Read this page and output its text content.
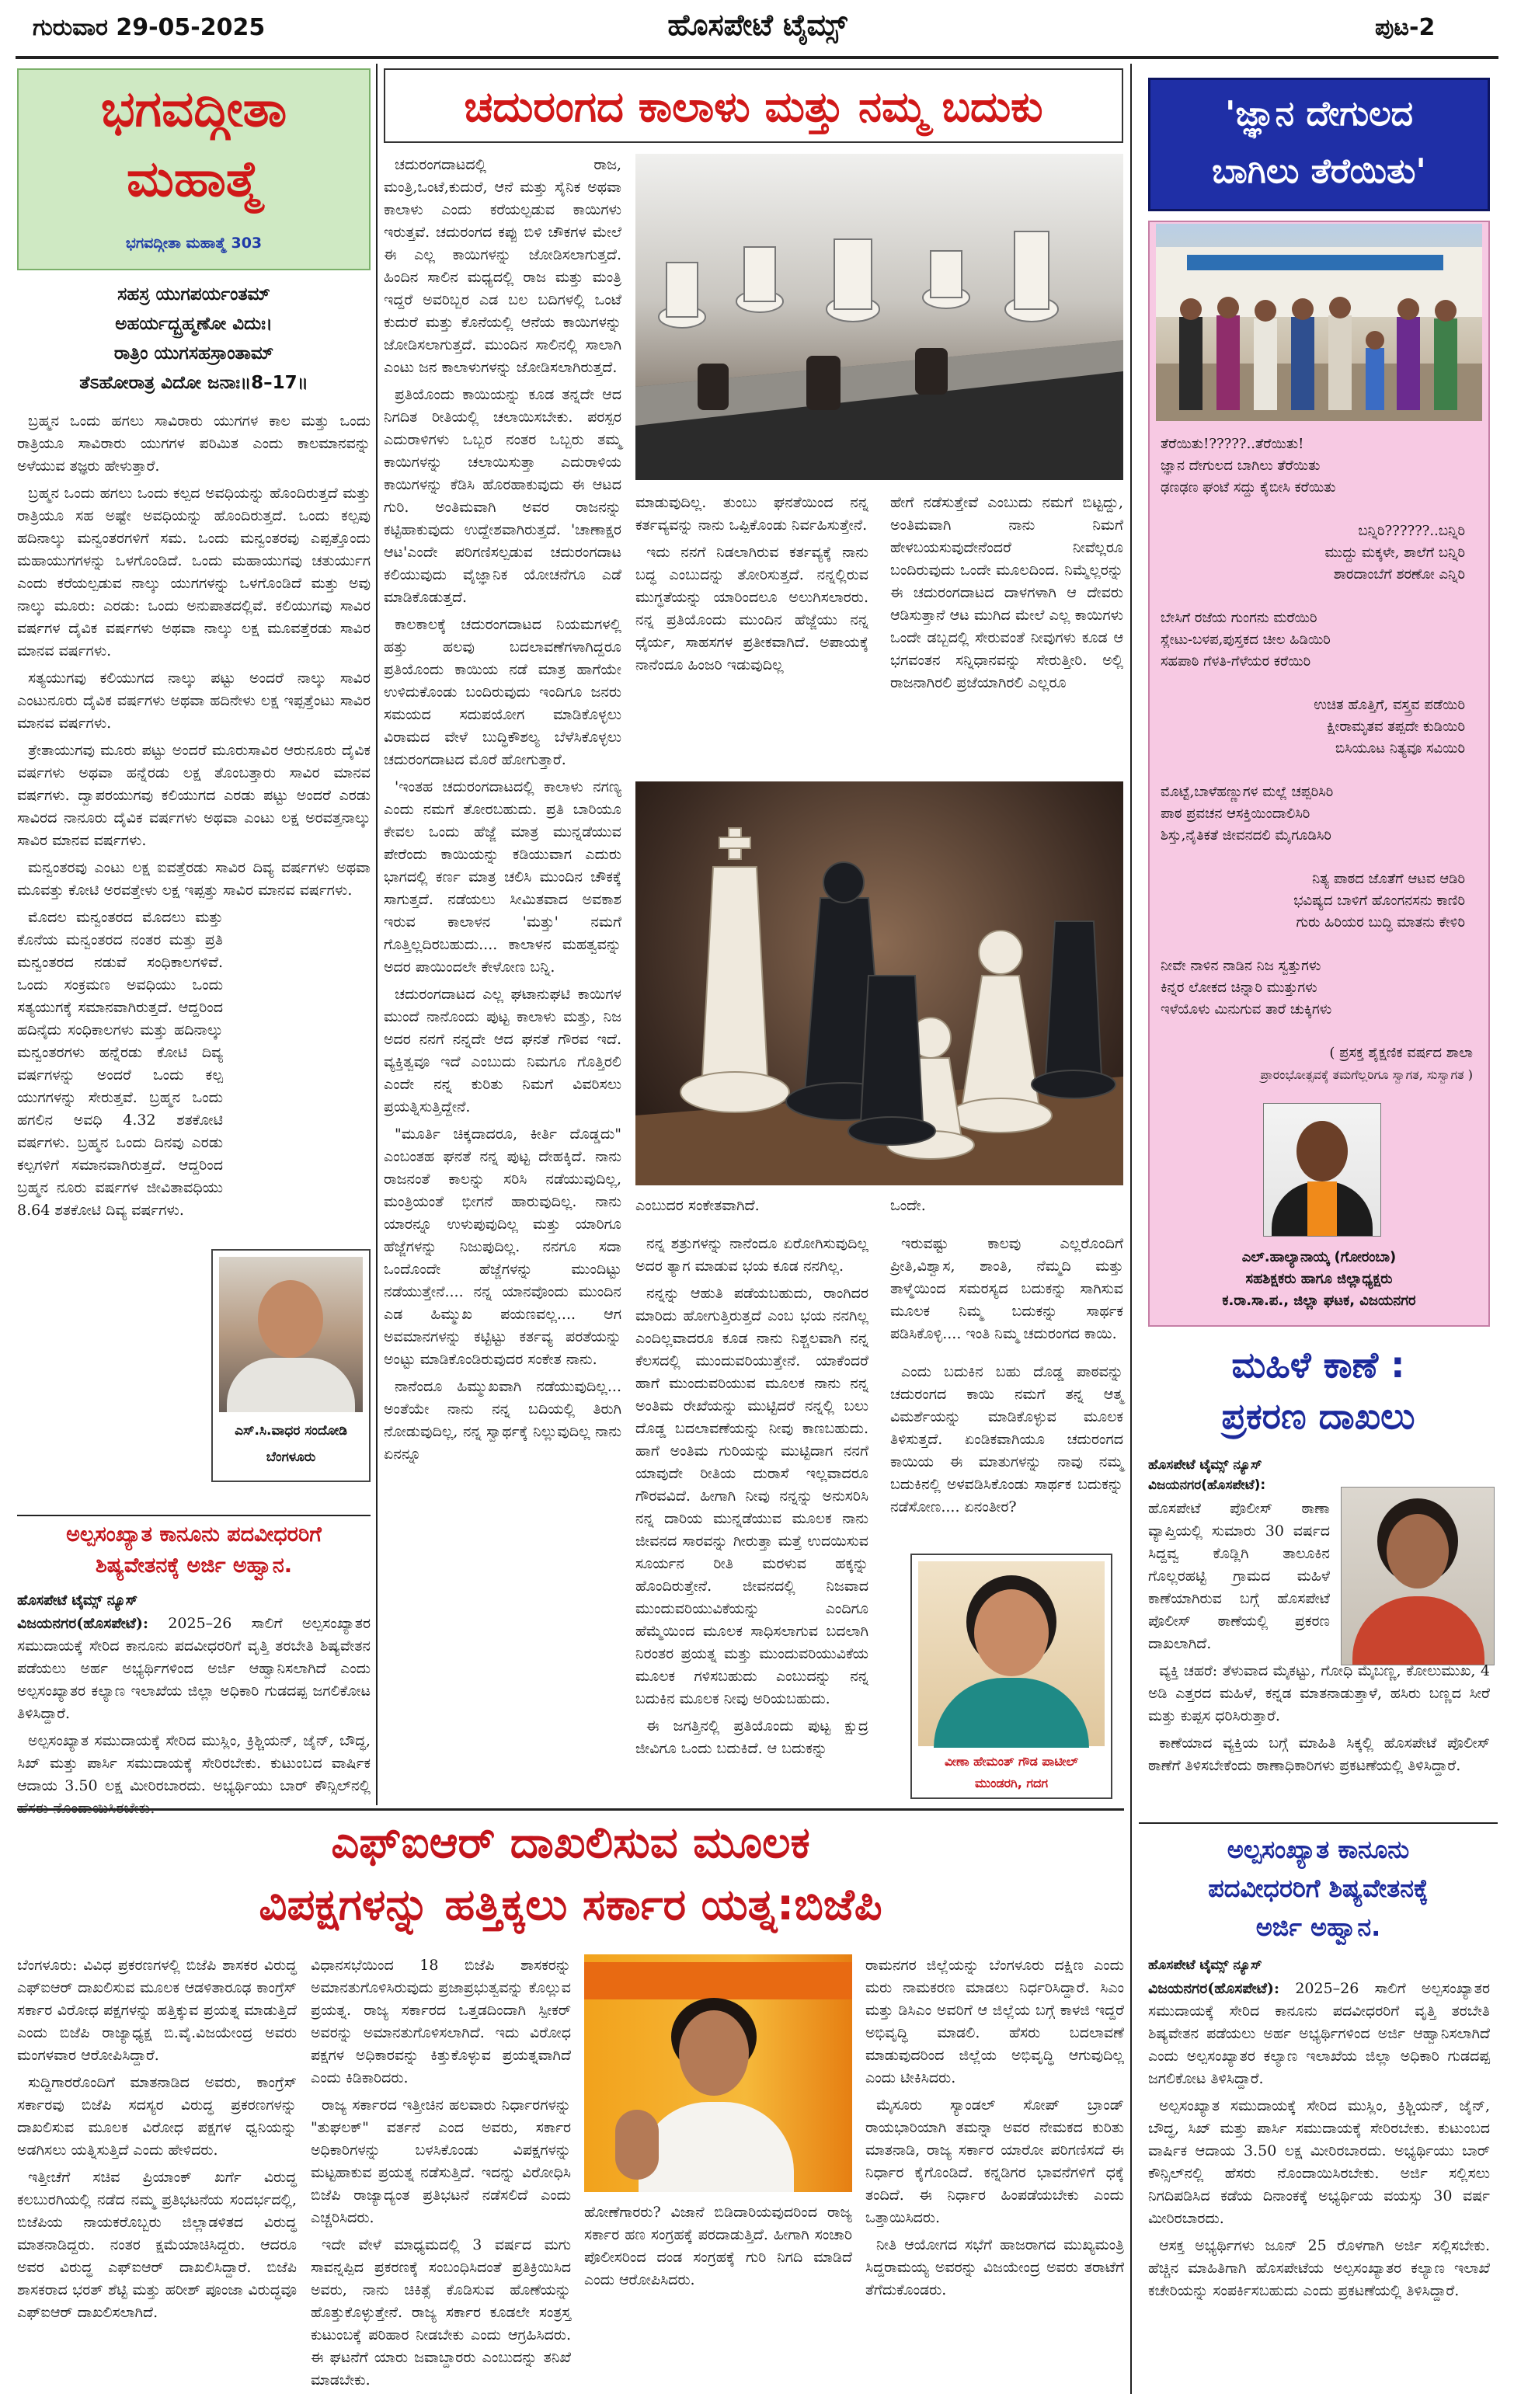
ಗುರುವಾರ 29-05-2025	ಹೊಸಪೇಟೆ ಟೈಮ್ಸ್	ಪುಟ-2
ಭಗವದ್ಗೀತಾ
ಮಹಾತ್ಮೆ
ಭಗವದ್ಗೀತಾ ಮಹಾತ್ಮೆ 303
ಸಹಸ್ರ ಯುಗಪರ್ಯಂತಮ್
ಅಹರ್ಯದ್ಬ್ರಹ್ಮಣೋ ವಿದುಃ।
ರಾತ್ರಿಂ ಯುಗಸಹಸ್ರಾಂತಾಮ್
ತೆಽಹೋರಾತ್ರ ವಿದೋ ಜನಾಃ॥8–17॥

ಬ್ರಹ್ಮನ ಒಂದು ಹಗಲು ಸಾವಿರಾರು ಯುಗಗಳ ಕಾಲ ಮತ್ತು ಒಂದು ರಾತ್ರಿಯೂ ಸಾವಿರಾರು ಯುಗಗಳ ಪರಿಮಿತ ಎಂದು ಕಾಲಮಾನವನ್ನು ಅಳೆಯುವ ತಜ್ಞರು ಹೇಳುತ್ತಾರೆ.

ಬ್ರಹ್ಮನ ಒಂದು ಹಗಲು ಒಂದು ಕಲ್ಪದ ಅವಧಿಯನ್ನು ಹೊಂದಿರುತ್ತದೆ ಮತ್ತು ರಾತ್ರಿಯೂ ಸಹ ಅಷ್ಟೇ ಅವಧಿಯನ್ನು ಹೊಂದಿರುತ್ತದೆ. ಒಂದು ಕಲ್ಪವು ಹದಿನಾಲ್ಕು ಮನ್ವಂತರಗಳಿಗೆ ಸಮ. ಒಂದು ಮನ್ವಂತರವು ಎಪ್ಪತ್ತೊಂದು ಮಹಾಯುಗಗಳನ್ನು ಒಳಗೊಂಡಿದೆ. ಒಂದು ಮಹಾಯುಗವು ಚತುರ್ಯುಗ ಎಂದು ಕರೆಯಲ್ಪಡುವ ನಾಲ್ಕು ಯುಗಗಳನ್ನು ಒಳಗೊಂಡಿದೆ ಮತ್ತು ಅವು ನಾಲ್ಕು ಮೂರು: ಎರಡು: ಒಂದು ಅನುಪಾತದಲ್ಲಿವೆ. ಕಲಿಯುಗವು ಸಾವಿರ ವರ್ಷಗಳ ದೈವಿಕ ವರ್ಷಗಳು ಅಥವಾ ನಾಲ್ಕು ಲಕ್ಷ ಮೂವತ್ತೆರಡು ಸಾವಿರ ಮಾನವ ವರ್ಷಗಳು.

ಸತ್ಯಯುಗವು ಕಲಿಯುಗದ ನಾಲ್ಕು ಪಟ್ಟು ಅಂದರೆ ನಾಲ್ಕು ಸಾವಿರ ಎಂಟುನೂರು ದೈವಿಕ ವರ್ಷಗಳು ಅಥವಾ ಹದಿನೇಳು ಲಕ್ಷ ಇಪ್ಪತ್ತೆಂಟು ಸಾವಿರ ಮಾನವ ವರ್ಷಗಳು.

ತ್ರೇತಾಯುಗವು ಮೂರು ಪಟ್ಟು ಅಂದರೆ ಮೂರುಸಾವಿರ ಆರುನೂರು ದೈವಿಕ ವರ್ಷಗಳು ಅಥವಾ ಹನ್ನೆರಡು ಲಕ್ಷ ತೊಂಬತ್ತಾರು ಸಾವಿರ ಮಾನವ ವರ್ಷಗಳು. ದ್ವಾಪರಯುಗವು ಕಲಿಯುಗದ ಎರಡು ಪಟ್ಟು ಅಂದರೆ ಎರಡು ಸಾವಿರದ ನಾನೂರು ದೈವಿಕ ವರ್ಷಗಳು ಅಥವಾ ಎಂಟು ಲಕ್ಷ ಅರವತ್ತನಾಲ್ಕು ಸಾವಿರ ಮಾನವ ವರ್ಷಗಳು.

ಮನ್ವಂತರವು ಎಂಟು ಲಕ್ಷ ಐವತ್ತೆರಡು ಸಾವಿರ ದಿವ್ಯ ವರ್ಷಗಳು ಅಥವಾ ಮೂವತ್ತು ಕೋಟಿ ಅರವತ್ತೇಳು ಲಕ್ಷ ಇಪ್ಪತ್ತು ಸಾವಿರ ಮಾನವ ವರ್ಷಗಳು.

ಮೊದಲ ಮನ್ವಂತರದ ಮೊದಲು ಮತ್ತು ಕೊನೆಯ ಮನ್ವಂತರದ ನಂತರ ಮತ್ತು ಪ್ರತಿ ಮನ್ವಂತರದ ನಡುವೆ ಸಂಧಿಕಾಲಗಳಿವೆ. ಒಂದು ಸಂಕ್ರಮಣ ಅವಧಿಯು ಒಂದು ಸತ್ಯಯುಗಕ್ಕೆ ಸಮಾನವಾಗಿರುತ್ತದೆ. ಆದ್ದರಿಂದ ಹದಿನೈದು ಸಂಧಿಕಾಲಗಳು ಮತ್ತು ಹದಿನಾಲ್ಕು ಮನ್ವಂತರಗಳು ಹನ್ನೆರಡು ಕೋಟಿ ದಿವ್ಯ ವರ್ಷಗಳನ್ನು ಅಂದರೆ ಒಂದು ಕಲ್ಪ ಯುಗಗಳನ್ನು ಸೇರುತ್ತವೆ. ಬ್ರಹ್ಮನ ಒಂದು ಹಗಲಿನ ಅವಧಿ 4.32 ಶತಕೋಟಿ ವರ್ಷಗಳು. ಬ್ರಹ್ಮನ ಒಂದು ದಿನವು ಎರಡು ಕಲ್ಪಗಳಿಗೆ ಸಮಾನವಾಗಿರುತ್ತದೆ. ಆದ್ದರಿಂದ ಬ್ರಹ್ಮನ ನೂರು ವರ್ಷಗಳ ಜೀವಿತಾವಧಿಯು 8.64 ಶತಕೋಟಿ ದಿವ್ಯ ವರ್ಷಗಳು.

ಎಸ್.ಸಿ.ವಾಧರ ಸಂದೋಡಿ
ಬೆಂಗಳೂರು
ಅಲ್ಪಸಂಖ್ಯಾತ ಕಾನೂನು ಪದವೀಧರರಿಗೆ
ಶಿಷ್ಯವೇತನಕ್ಕೆ ಅರ್ಜಿ ಅಹ್ವಾನ.
ಹೊಸಪೇಟೆ ಟೈಮ್ಸ್ ನ್ಯೂಸ್

ವಿಜಯನಗರ(ಹೊಸಪೇಟೆ): 2025–26 ಸಾಲಿಗೆ ಅಲ್ಪಸಂಖ್ಯಾತರ ಸಮುದಾಯಕ್ಕೆ ಸೇರಿದ ಕಾನೂನು ಪದವೀಧರರಿಗೆ ವೃತ್ತಿ ತರಬೇತಿ ಶಿಷ್ಯವೇತನ ಪಡೆಯಲು ಅರ್ಹ ಅಭ್ಯರ್ಥಿಗಳಿಂದ ಅರ್ಜಿ ಆಹ್ವಾನಿಸಲಾಗಿದೆ ಎಂದು ಅಲ್ಪಸಂಖ್ಯಾತರ ಕಲ್ಯಾಣ ಇಲಾಖೆಯ ಜಿಲ್ಲಾ ಅಧಿಕಾರಿ ಗುಡದಪ್ಪ ಜಗಲಿಕೋಟ ತಿಳಿಸಿದ್ದಾರೆ.

ಅಲ್ಪಸಂಖ್ಯಾತ ಸಮುದಾಯಕ್ಕೆ ಸೇರಿದ ಮುಸ್ಲಿಂ, ಕ್ರಿಶ್ಚಿಯನ್, ಜೈನ್, ಬೌದ್ಧ, ಸಿಖ್ ಮತ್ತು ಪಾರ್ಸಿ ಸಮುದಾಯಕ್ಕೆ ಸೇರಿರಬೇಕು. ಕುಟುಂಬದ ವಾರ್ಷಿಕ ಆದಾಯ 3.50 ಲಕ್ಷ ಮೀರಿರಬಾರದು. ಅಭ್ಯರ್ಥಿಯು ಬಾರ್ ಕೌನ್ಸಿಲ್‌ನಲ್ಲಿ

ಚದುರಂಗದ ಕಾಲಾಳು ಮತ್ತು ನಮ್ಮ ಬದುಕು

ಚದುರಂಗದಾಟದಲ್ಲಿ ರಾಜ, ಮಂತ್ರಿ,ಒಂಟೆ,ಕುದುರೆ, ಆನೆ ಮತ್ತು ಸೈನಿಕ ಅಥವಾ ಕಾಲಾಳು ಎಂದು ಕರೆಯಲ್ಪಡುವ ಕಾಯಿಗಳು ಇರುತ್ತವೆ. ಚದುರಂಗದ ಕಪ್ಪು ಬಿಳಿ ಚೌಕಗಳ ಮೇಲೆ ಈ ಎಲ್ಲ ಕಾಯಿಗಳನ್ನು ಜೋಡಿಸಲಾಗುತ್ತದೆ. ಹಿಂದಿನ ಸಾಲಿನ ಮಧ್ಯದಲ್ಲಿ ರಾಜ ಮತ್ತು ಮಂತ್ರಿ ಇದ್ದರೆ ಅವರಿಬ್ಬರ ಎಡ ಬಲ ಬದಿಗಳಲ್ಲಿ ಒಂಟೆ ಕುದುರೆ ಮತ್ತು ಕೊನೆಯಲ್ಲಿ ಆನೆಯ ಕಾಯಿಗಳನ್ನು ಜೋಡಿಸಲಾಗುತ್ತದೆ. ಮುಂದಿನ ಸಾಲಿನಲ್ಲಿ ಸಾಲಾಗಿ ಎಂಟು ಜನ ಕಾಲಾಳುಗಳನ್ನು ಜೋಡಿಸಲಾಗಿರುತ್ತದೆ.

ಪ್ರತಿಯೊಂದು ಕಾಯಿಯನ್ನು ಕೂಡ ತನ್ನದೇ ಆದ ನಿಗದಿತ ರೀತಿಯಲ್ಲಿ ಚಲಾಯಿಸಬೇಕು. ಪರಸ್ಪರ ಎದುರಾಳಿಗಳು ಒಬ್ಬರ ನಂತರ ಒಬ್ಬರು ತಮ್ಮ ಕಾಯಿಗಳನ್ನು ಚಲಾಯಿಸುತ್ತಾ ಎದುರಾಳಿಯ ಕಾಯಿಗಳನ್ನು ಕೆಡಿಸಿ ಹೊರಹಾಕುವುದು ಈ ಆಟದ ಗುರಿ. ಅಂತಿಮವಾಗಿ ಅವರ ರಾಜನನ್ನು ಕಟ್ಟಿಹಾಕುವುದು ಉದ್ದೇಶವಾಗಿರುತ್ತದೆ. 'ಚಾಣಾಕ್ಷರ ಆಟ'ಎಂದೇ ಪರಿಗಣಿಸಲ್ಪಡುವ ಚದುರಂಗದಾಟ ಕಲಿಯುವುದು ವೈಜ್ಞಾನಿಕ ಯೋಚನೆಗೂ ಎಡೆ ಮಾಡಿಕೊಡುತ್ತದೆ.

ಕಾಲಕಾಲಕ್ಕೆ ಚದುರಂಗದಾಟದ ನಿಯಮಗಳಲ್ಲಿ ಹತ್ತು ಹಲವು ಬದಲಾವಣೆಗಳಾಗಿದ್ದರೂ ಪ್ರತಿಯೊಂದು ಕಾಯಿಯ ನಡೆ ಮಾತ್ರ ಹಾಗೆಯೇ ಉಳಿದುಕೊಂಡು ಬಂದಿರುವುದು ಇಂದಿಗೂ ಜನರು ಸಮಯದ ಸದುಪಯೋಗ ಮಾಡಿಕೊಳ್ಳಲು ವಿರಾಮದ ವೇಳೆ ಬುದ್ಧಿಕೌಶಲ್ಯ ಬೆಳೆಸಿಕೊಳ್ಳಲು ಚದುರಂಗದಾಟದ ಮೊರೆ ಹೋಗುತ್ತಾರೆ.

'ಇಂತಹ ಚದುರಂಗದಾಟದಲ್ಲಿ ಕಾಲಾಳು ನಗಣ್ಯ ಎಂದು ನಮಗೆ ತೋರಬಹುದು. ಪ್ರತಿ ಬಾರಿಯೂ ಕೇವಲ ಒಂದು ಹೆಜ್ಜೆ ಮಾತ್ರ ಮುನ್ನಡೆಯುವ ಪೇರೆಂದು ಕಾಯಿಯನ್ನು ಕಡಿಯುವಾಗ ಎದುರು ಭಾಗದಲ್ಲಿ ಕರ್ಣ ಮಾತ್ರ ಚಲಿಸಿ ಮುಂದಿನ ಚೌಕಕ್ಕೆ ಸಾಗುತ್ತದೆ. ನಡೆಯಲು ಸೀಮಿತವಾದ ಅವಕಾಶ ಇರುವ ಕಾಲಾಳನ 'ಮತ್ತು' ನಮಗೆ ಗೊತ್ತಿಲ್ಲದಿರಬಹುದು.... ಕಾಲಾಳನ ಮಹತ್ವವನ್ನು ಅದರ ಪಾಯಿಂದಲೇ ಕೇಳೋಣ ಬನ್ನಿ.

ಚದುರಂಗದಾಟದ ಎಲ್ಲ ಘಟಾನುಘಟಿ ಕಾಯಿಗಳ ಮುಂದೆ ನಾನೊಂದು ಪುಟ್ಟ ಕಾಲಾಳು ಮತ್ತು, ನಿಜ ಅದರ ನನಗೆ ನನ್ನದೇ ಆದ ಘನತೆ ಗೌರವ ಇದೆ. ವ್ಯಕ್ತಿತ್ವವೂ ಇದೆ ಎಂಬುದು ನಿಮಗೂ ಗೊತ್ತಿರಲಿ ಎಂದೇ ನನ್ನ ಕುರಿತು ನಿಮಗೆ ವಿವರಿಸಲು ಪ್ರಯತ್ನಿಸುತ್ತಿದ್ದೇನೆ.

"ಮೂರ್ತಿ ಚಿಕ್ಕದಾದರೂ, ಕೀರ್ತಿ ದೊಡ್ಡದು" ಎಂಬಂತಹ ಘನತೆ ನನ್ನ ಪುಟ್ಟ ದೇಹಕ್ಕಿದೆ. ನಾನು ರಾಜನಂತೆ ಕಾಲನ್ನು ಸರಿಸಿ ನಡೆಯುವುದಿಲ್ಲ, ಮಂತ್ರಿಯಂತೆ ಭೀಗನೆ ಹಾರುವುದಿಲ್ಲ. ನಾನು ಯಾರನ್ನೂ ಉಳುಪುವುದಿಲ್ಲ ಮತ್ತು ಯಾರಿಗೂ ಹೆಜ್ಜೆಗಳನ್ನು ನಿಜುಪುದಿಲ್ಲ. ನನಗೂ ಸದಾ ಒಂದೊಂದೇ ಹೆಜ್ಜೆಗಳನ್ನು ಮುಂದಿಟ್ಟು ನಡೆಯುತ್ತೇನೆ.... ನನ್ನ ಯಾನವೊಂದು ಮುಂದಿನ ಎಡ ಹಿಮ್ಮುಖ ಪಯಣವಲ್ಲ.... ಆಗ ಅವಮಾನಗಳನ್ನು ಕಟ್ಟಿಟ್ಟು ಕರ್ತವ್ಯ ಪರತೆಯನ್ನು ಅಂಟ್ಟು ಮಾಡಿಕೊಂಡಿರುವುದರ ಸಂಕೇತ ನಾನು.

ನಾನೆಂದೂ ಹಿಮ್ಮುಖವಾಗಿ ನಡೆಯುವುದಿಲ್ಲ... ಅಂತೆಯೇ ನಾನು ನನ್ನ ಬದಿಯಲ್ಲಿ ತಿರುಗಿ ನೋಡುವುದಿಲ್ಲ, ನನ್ನ ಸ್ವಾರ್ಥಕ್ಕೆ ನಿಲ್ಲುವುದಿಲ್ಲ ನಾನು ಏನನ್ನೂ

ಮಾಡುವುದಿಲ್ಲ. ತುಂಬು ಘನತೆಯಿಂದ ನನ್ನ ಕರ್ತವ್ಯವನ್ನು ನಾನು ಒಪ್ಪಿಕೊಂಡು ನಿರ್ವಹಿಸುತ್ತೇನೆ.

ಇದು ನನಗೆ ನಿಡಲಾಗಿರುವ ಕರ್ತವ್ಯಕ್ಕೆ ನಾನು ಬದ್ಧ ಎಂಬುದನ್ನು ತೋರಿಸುತ್ತದೆ. ನನ್ನಲ್ಲಿರುವ ಮುಗ್ಧತೆಯನ್ನು ಯಾರಿಂದಲೂ ಅಲುಗಿಸಲಾರರು. ನನ್ನ ಪ್ರತಿಯೊಂದು ಮುಂದಿನ ಹೆಜ್ಜೆಯು ನನ್ನ ಧೈರ್ಯ, ಸಾಹಸಗಳ ಪ್ರತೀಕವಾಗಿದೆ. ಅಪಾಯಕ್ಕೆ ನಾನೆಂದೂ ಹಿಂಜರಿ ಇಡುವುದಿಲ್ಲ

ಹೇಗೆ ನಡೆಸುತ್ತೇವೆ ಎಂಬುದು ನಮಗೆ ಬಿಟ್ಟದ್ದು, ಅಂತಿಮವಾಗಿ ನಾನು ನಿಮಗೆ ಹೇಳಬಯಸುವುದೇನೆಂದರೆ ನೀವೆಲ್ಲರೂ ಬಂದಿರುವುದು ಒಂದೇ ಮೂಲದಿಂದ. ನಿಮ್ಮೆಲ್ಲರನ್ನು ಈ ಚದುರಂಗದಾಟದ ದಾಳಗಳಾಗಿ ಆ ದೇವರು ಆಡಿಸುತ್ತಾನೆ ಆಟ ಮುಗಿದ ಮೇಲೆ ಎಲ್ಲ ಕಾಯಿಗಳು ಒಂದೇ ಡಬ್ಬದಲ್ಲಿ ಸೇರುವಂತೆ ನೀವುಗಳು ಕೂಡ ಆ ಭಗವಂತನ ಸನ್ನಿಧಾನವನ್ನು ಸೇರುತ್ತೀರಿ. ಅಲ್ಲಿ ರಾಜನಾಗಿರಲಿ ಪ್ರಜೆಯಾಗಿರಲಿ ಎಲ್ಲರೂ

ಎಂಬುದರ ಸಂಕೇತವಾಗಿದೆ.

ನನ್ನ ಶತ್ರುಗಳನ್ನು ನಾನೆಂದೂ ಏರೋಗಿಸುವುದಿಲ್ಲ ಅದರ ತ್ಯಾಗ ಮಾಡುವ ಭಯ ಕೂಡ ನನಗಿಲ್ಲ.

ನನ್ನನ್ನು ಆಹುತಿ ಪಡೆಯಬಹುದು, ರಾಂಗಿದರ ಮಾರಿದು ಹೋಗುತ್ತಿರುತ್ತದೆ ಎಂಬ ಭಯ ನನಗಿಲ್ಲ ಎಂದಿಲ್ಲವಾದರೂ ಕೂಡ ನಾನು ನಿಶ್ಚಲವಾಗಿ ನನ್ನ ಕೆಲಸದಲ್ಲಿ ಮುಂದುವರಿಯುತ್ತೇನೆ. ಯಾಕೆಂದರೆ ಹಾಗೆ ಮುಂದುವರಿಯುವ ಮೂಲಕ ನಾನು ನನ್ನ ಅಂತಿಮ ರೇಖೆಯನ್ನು ಮುಟ್ಟಿದರೆ ನನ್ನಲ್ಲಿ ಬಲು ದೊಡ್ಡ ಬದಲಾವಣೆಯನ್ನು ನೀವು ಕಾಣಬಹುದು. ಹಾಗೆ ಅಂತಿಮ ಗುರಿಯನ್ನು ಮುಟ್ಟಿದಾಗ ನನಗೆ ಯಾವುದೇ ರೀತಿಯ ದುರಾಸೆ ಇಲ್ಲವಾದರೂ ಗೌರವವಿದೆ. ಹೀಗಾಗಿ ನೀವು ನನ್ನನ್ನು ಅನುಸರಿಸಿ ನನ್ನ ದಾರಿಯ ಮುನ್ನಡೆಯುವ ಮೂಲಕ ನಾನು ಜೀವನದ ಸಾರವನ್ನು ಗೀರುತ್ತಾ ಮತ್ತೆ ಉದಯಿಸುವ ಸೂರ್ಯನ ರೀತಿ ಮರಳುವ ಹಕ್ಕನ್ನು ಹೊಂದಿರುತ್ತೇನೆ. ಜೀವನದಲ್ಲಿ ನಿಜವಾದ ಮುಂದುವರಿಯುವಿಕೆಯನ್ನು ಎಂದಿಗೂ ಹೆಮ್ಮೆಯಿಂದ ಮೂಲಕ ಸಾಧಿಸಲಾಗುವ ಬದಲಾಗಿ ನಿರಂತರ ಪ್ರಯತ್ನ ಮತ್ತು ಮುಂದುವರಿಯುವಿಕೆಯ ಮೂಲಕ ಗಳಿಸಬಹುದು ಎಂಬುದನ್ನು ನನ್ನ ಬದುಕಿನ ಮೂಲಕ ನೀವು ಅರಿಯಬಹುದು.

ಈ ಜಗತ್ತಿನಲ್ಲಿ ಪ್ರತಿಯೊಂದು ಪುಟ್ಟ ಕ್ಷುದ್ರ ಜೀವಿಗೂ ಒಂದು ಬದುಕಿದೆ. ಆ ಬದುಕನ್ನು

ಒಂದೇ.

ಇರುವಷ್ಟು ಕಾಲವು ಎಲ್ಲರೊಂದಿಗೆ ಪ್ರೀತಿ,ವಿಶ್ವಾಸ, ಶಾಂತಿ, ನೆಮ್ಮದಿ ಮತ್ತು ತಾಳ್ಮೆಯಿಂದ ಸಮರಸ್ಯದ ಬದುಕನ್ನು ಸಾಗಿಸುವ ಮೂಲಕ ನಿಮ್ಮ ಬದುಕನ್ನು ಸಾರ್ಥಕ ಪಡಿಸಿಕೊಳ್ಳಿ.... ಇಂತಿ ನಿಮ್ಮ ಚದುರಂಗದ ಕಾಯಿ.

ಎಂದು ಬದುಕಿನ ಬಹು ದೊಡ್ಡ ಪಾಠವನ್ನು ಚದುರಂಗದ ಕಾಯಿ ನಮಗೆ ತನ್ನ ಆತ್ಮ ವಿಮರ್ಶೆಯನ್ನು ಮಾಡಿಕೊಳ್ಳುವ ಮೂಲಕ ತಿಳಿಸುತ್ತದೆ. ಏಂಡಿಕವಾಗಿಯೂ ಚದುರಂಗದ ಕಾಯಿಯ ಈ ಮಾತುಗಳನ್ನು ನಾವು ನಮ್ಮ ಬದುಕಿನಲ್ಲಿ ಅಳವಡಿಸಿಕೊಂಡು ಸಾರ್ಥಕ ಬದುಕನ್ನು ನಡೆಸೋಣ.... ಏನಂತೀರ?

ವೀಣಾ ಹೇಮಂತ್ ಗೌಡ ಪಾಟೀಲ್
ಮುಂಡರಗಿ, ಗದಗ
'ಜ್ಞಾನ ದೇಗುಲದ
ಬಾಗಿಲು ತೆರೆಯಿತು'

ತೆರೆಯಿತು!?????..ತೆರೆಯಿತು!

ಜ್ಞಾನ ದೇಗುಲದ ಬಾಗಿಲು ತೆರೆಯಿತು

ಢಣಢಣ ಘಂಟೆ ಸದ್ದು ಕೈಬೀಸಿ ಕರೆಯಿತು

ಬನ್ನಿರಿ??????..ಬನ್ನಿರಿ

ಮುದ್ದು ಮಕ್ಕಳೇ, ಶಾಲೆಗೆ ಬನ್ನಿರಿ

ಶಾರದಾಂಬೆಗೆ ಶರಣೋ ಎನ್ನಿರಿ

ಬೇಸಿಗೆ ರಜೆಯ ಗುಂಗನು ಮರೆಯಿರಿ

ಸ್ಲೇಟು-ಬಳಪ,ಪುಸ್ತಕದ ಚೀಲ ಹಿಡಿಯಿರಿ

ಸಹಪಾಠಿ ಗೆಳತಿ-ಗೆಳೆಯರ ಕರೆಯಿರಿ

ಉಚಿತ ಹೊತ್ತಿಗೆ, ವಸ್ತ್ರವ ಪಡೆಯಿರಿ

ಕ್ಷೀರಾಮೃತವ ತಪ್ಪದೇ ಕುಡಿಯಿರಿ

ಬಿಸಿಯೂಟ ನಿತ್ಯವೂ ಸವಿಯಿರಿ

ಮೊಟ್ಟೆ,ಬಾಳೆಹಣ್ಣುಗಳ ಮಲ್ಲೆ ಚಪ್ಪರಿಸಿರಿ

ಪಾಠ ಪ್ರವಚನ ಆಸಕ್ತಿಯಿಂದಾಲಿಸಿರಿ

ಶಿಸ್ತು,ನೈತಿಕತೆ ಜೀವನದಲಿ ಮೈಗೂಡಿಸಿರಿ

ನಿತ್ಯ ಪಾಠದ ಜೊತೆಗೆ ಆಟವ ಆಡಿರಿ

ಭವಿಷ್ಯದ ಬಾಳಿಗೆ ಹೊಂಗನಸನು ಕಾಣಿರಿ

ಗುರು ಹಿರಿಯರ ಬುದ್ಧಿ ಮಾತನು ಕೇಳಿರಿ

ನೀವೇ ನಾಳಿನ ನಾಡಿನ ನಿಜ ಸ್ವತ್ತುಗಳು

ಕಿನ್ನರ ಲೋಕದ ಚಿನ್ನಾರಿ ಮುತ್ತುಗಳು

ಇಳೆಯೊಳು ಮಿನುಗುವ ತಾರೆ ಚುಕ್ಕಿಗಳು

( ಪ್ರಸಕ್ತ ಶೈಕ್ಷಣಿಕ ವರ್ಷದ ಶಾಲಾ

ಪ್ರಾರಂಭೋತ್ಸವಕ್ಕೆ ತಮಗೆಲ್ಲರಿಗೂ ಸ್ವಾಗತ, ಸುಸ್ವಾಗತ )

ಎಲ್.ಹಾಲ್ಯಾನಾಯ್ಕ (ಗೋರಂಬಾ)
ಸಹಶಿಕ್ಷಕರು ಹಾಗೂ ಜಿಲ್ಲಾಧ್ಯಕ್ಷರು
ಕ.ರಾ.ಸಾ.ಪ., ಜಿಲ್ಲಾ ಘಟಕ, ವಿಜಯನಗರ
ಮಹಿಳೆ ಕಾಣೆ :
ಪ್ರಕರಣ ದಾಖಲು
ಹೊಸಪೇಟೆ ಟೈಮ್ಸ್ ನ್ಯೂಸ್
ವಿಜಯನಗರ(ಹೊಸಪೇಟೆ):

ಹೊಸಪೇಟೆ ಪೊಲೀಸ್ ಠಾಣಾ ವ್ಯಾಪ್ತಿಯಲ್ಲಿ ಸುಮಾರು 30 ವರ್ಷದ ಸಿದ್ದವ್ವ ಕೊಡ್ಲಿಗಿ ತಾಲೂಕಿನ ಗೊಲ್ಲರಹಟ್ಟಿ ಗ್ರಾಮದ ಮಹಿಳೆ ಕಾಣೆಯಾಗಿರುವ ಬಗ್ಗೆ ಹೊಸಪೇಟೆ ಪೊಲೀಸ್ ಠಾಣೆಯಲ್ಲಿ ಪ್ರಕರಣ ದಾಖಲಾಗಿದೆ.

ವ್ಯಕ್ತಿ ಚಹರೆ: ತೆಳುವಾದ ಮೈಕಟ್ಟು, ಗೋಧಿ ಮೈಬಣ್ಣ, ಕೋಲುಮುಖ, 4 ಅಡಿ ಎತ್ತರದ ಮಹಿಳೆ, ಕನ್ನಡ ಮಾತನಾಡುತ್ತಾಳೆ, ಹಸಿರು ಬಣ್ಣದ ಸೀರೆ ಮತ್ತು ಕುಪ್ಪಸ ಧರಿಸಿರುತ್ತಾರೆ.

ಕಾಣೆಯಾದ ವ್ಯಕ್ತಿಯ ಬಗ್ಗೆ ಮಾಹಿತಿ ಸಿಕ್ಕಲ್ಲಿ ಹೊಸಪೇಟೆ ಪೊಲೀಸ್ ಠಾಣೆಗೆ ತಿಳಿಸಬೇಕೆಂದು ಠಾಣಾಧಿಕಾರಿಗಳು ಪ್ರಕಟಣೆಯಲ್ಲಿ ತಿಳಿಸಿದ್ದಾರೆ.

ಎಫ್‌ಐಆರ್ ದಾಖಲಿಸುವ ಮೂಲಕ
ವಿಪಕ್ಷಗಳನ್ನು ಹತ್ತಿಕ್ಕಲು ಸರ್ಕಾರ ಯತ್ನ:ಬಿಜೆಪಿ

ಬೆಂಗಳೂರು: ವಿವಿಧ ಪ್ರಕರಣಗಳಲ್ಲಿ ಬಿಜೆಪಿ ಶಾಸಕರ ವಿರುದ್ಧ ಎಫ್‌ಐಆರ್ ದಾಖಲಿಸುವ ಮೂಲಕ ಆಡಳಿತಾರೂಢ ಕಾಂಗ್ರೆಸ್ ಸರ್ಕಾರ ವಿರೋಧ ಪಕ್ಷಗಳನ್ನು ಹತ್ತಿಕ್ಕುವ ಪ್ರಯತ್ನ ಮಾಡುತ್ತಿದೆ ಎಂದು ಬಿಜೆಪಿ ರಾಜ್ಯಾಧ್ಯಕ್ಷ ಬಿ.ವೈ.ವಿಜಯೇಂದ್ರ ಅವರು ಮಂಗಳವಾರ ಆರೋಪಿಸಿದ್ದಾರೆ.

ಸುದ್ದಿಗಾರರೊಂದಿಗೆ ಮಾತನಾಡಿದ ಅವರು, ಕಾಂಗ್ರೆಸ್ ಸರ್ಕಾರವು ಬಿಜೆಪಿ ಸದಸ್ಯರ ವಿರುದ್ಧ ಪ್ರಕರಣಗಳನ್ನು ದಾಖಲಿಸುವ ಮೂಲಕ ವಿರೋಧ ಪಕ್ಷಗಳ ಧ್ವನಿಯನ್ನು ಅಡಗಿಸಲು ಯತ್ನಿಸುತ್ತಿದೆ ಎಂದು ಹೇಳಿದರು.

ಇತ್ತೀಚೆಗೆ ಸಚಿವ ಪ್ರಿಯಾಂಕ್ ಖರ್ಗೆ ವಿರುದ್ಧ ಕಲಬುರಗಿಯಲ್ಲಿ ನಡೆದ ನಮ್ಮ ಪ್ರತಿಭಟನೆಯ ಸಂದರ್ಭದಲ್ಲಿ, ಬಿಜೆಪಿಯ ನಾಯಕರೊಬ್ಬರು ಜಿಲ್ಲಾಡಳಿತದ ವಿರುದ್ಧ ಮಾತನಾಡಿದ್ದರು. ನಂತರ ಕ್ಷಮೆಯಾಚಿಸಿದ್ದರು. ಆದರೂ ಅವರ ವಿರುದ್ಧ ಎಫ್‌ಐಆರ್ ದಾಖಲಿಸಿದ್ದಾರೆ. ಬಿಜೆಪಿ ಶಾಸಕರಾದ ಭರತ್ ಶೆಟ್ಟಿ ಮತ್ತು ಹರೀಶ್ ಪೂಂಜಾ ವಿರುದ್ಧವೂ ಎಫ್‌ಐಆರ್ ದಾಖಲಿಸಲಾಗಿದೆ.

ವಿಧಾನಸಭೆಯಿಂದ 18 ಬಿಜೆಪಿ ಶಾಸಕರನ್ನು ಅಮಾನತುಗೊಳಿಸಿರುವುದು ಪ್ರಜಾಪ್ರಭುತ್ವವನ್ನು ಕೊಲ್ಲುವ ಪ್ರಯತ್ನ. ರಾಜ್ಯ ಸರ್ಕಾರದ ಒತ್ತಡದಿಂದಾಗಿ ಸ್ಪೀಕರ್ ಅವರನ್ನು ಅಮಾನತುಗೊಳಿಸಲಾಗಿದೆ. ಇದು ವಿರೋಧ ಪಕ್ಷಗಳ ಅಧಿಕಾರವನ್ನು ಕಿತ್ತುಕೊಳ್ಳುವ ಪ್ರಯತ್ನವಾಗಿದೆ ಎಂದು ಕಿಡಿಕಾರಿದರು.

ರಾಜ್ಯ ಸರ್ಕಾರದ ಇತ್ತೀಚಿನ ಹಲವಾರು ನಿರ್ಧಾರಗಳನ್ನು "ತುಘಲಕ್" ವರ್ತನೆ ಎಂದ ಅವರು, ಸರ್ಕಾರ ಅಧಿಕಾರಿಗಳನ್ನು ಬಳಸಿಕೊಂಡು ವಿಪಕ್ಷಗಳನ್ನು ಮಟ್ಟಹಾಕುವ ಪ್ರಯತ್ನ ನಡೆಸುತ್ತಿದೆ. ಇದನ್ನು ವಿರೋಧಿಸಿ ಬಿಜೆಪಿ ರಾಜ್ಯಾದ್ಯಂತ ಪ್ರತಿಭಟನೆ ನಡೆಸಲಿದೆ ಎಂದು ಎಚ್ಚರಿಸಿದರು.

ಇದೇ ವೇಳೆ ಮಾಧ್ಯಮದಲ್ಲಿ 3 ವರ್ಷದ ಮಗು ಸಾವನ್ನಪ್ಪಿದ ಪ್ರಕರಣಕ್ಕೆ ಸಂಬಂಧಿಸಿದಂತೆ ಪ್ರತಿಕ್ರಿಯಿಸಿದ ಅವರು, ನಾನು ಚಿಕಿತ್ಸೆ ಕೊಡಿಸುವ ಹೊಣೆಯನ್ನು ಹೊತ್ತುಕೊಳ್ಳುತ್ತೇನೆ. ರಾಜ್ಯ ಸರ್ಕಾರ ಕೂಡಲೇ ಸಂತ್ರಸ್ತ ಕುಟುಂಬಕ್ಕೆ ಪರಿಹಾರ ನೀಡಬೇಕು ಎಂದು ಆಗ್ರಹಿಸಿದರು. ಈ ಘಟನೆಗೆ ಯಾರು ಜವಾಬ್ದಾರರು ಎಂಬುದನ್ನು ತನಿಖೆ ಮಾಡಬೇಕು.

ಹೋಣೆಗಾರರು? ವಿಜಾನೆ ಬಿಡಿದಾರಿಯವುದರಿಂದ ರಾಜ್ಯ ಸರ್ಕಾರ ಹಣ ಸಂಗ್ರಹಕ್ಕೆ ಪರದಾಡುತ್ತಿದೆ. ಹೀಗಾಗಿ ಸಂಚಾರಿ ಪೊಲೀಸರಿಂದ ದಂಡ ಸಂಗ್ರಹಕ್ಕೆ ಗುರಿ ನಿಗದಿ ಮಾಡಿದೆ ಎಂದು ಆರೋಪಿಸಿದರು.

ರಾಮನಗರ ಜಿಲ್ಲೆಯನ್ನು ಬೆಂಗಳೂರು ದಕ್ಷಿಣ ಎಂದು ಮರು ನಾಮಕರಣ ಮಾಡಲು ನಿರ್ಧರಿಸಿದ್ದಾರೆ. ಸಿಎಂ ಮತ್ತು ಡಿಸಿಎಂ ಅವರಿಗೆ ಆ ಜಿಲ್ಲೆಯ ಬಗ್ಗೆ ಕಾಳಜಿ ಇದ್ದರೆ ಅಭಿವೃದ್ಧಿ ಮಾಡಲಿ. ಹೆಸರು ಬದಲಾವಣೆ ಮಾಡುವುದರಿಂದ ಜಿಲ್ಲೆಯ ಅಭಿವೃದ್ಧಿ ಆಗುವುದಿಲ್ಲ ಎಂದು ಟೀಕಿಸಿದರು.

ಮೈಸೂರು ಸ್ಯಾಂಡಲ್ ಸೋಪ್ ಬ್ರಾಂಡ್ ರಾಯಭಾರಿಯಾಗಿ ತಮನ್ನಾ ಅವರ ನೇಮಕದ ಕುರಿತು ಮಾತನಾಡಿ, ರಾಜ್ಯ ಸರ್ಕಾರ ಯಾರೋ ಪರಿಗಣಿಸದೆ ಈ ನಿರ್ಧಾರ ಕೈಗೊಂಡಿದೆ. ಕನ್ನಡಿಗರ ಭಾವನೆಗಳಿಗೆ ಧಕ್ಕೆ ತಂದಿದೆ. ಈ ನಿರ್ಧಾರ ಹಿಂಪಡೆಯಬೇಕು ಎಂದು ಒತ್ತಾಯಿಸಿದರು.

ನೀತಿ ಆಯೋಗದ ಸಭೆಗೆ ಹಾಜರಾಗದ ಮುಖ್ಯಮಂತ್ರಿ ಸಿದ್ದರಾಮಯ್ಯ ಅವರನ್ನು ವಿಜಯೇಂದ್ರ ಅವರು ತರಾಟೆಗೆ ತೆಗೆದುಕೊಂಡರು.

ಅಲ್ಪಸಂಖ್ಯಾತ ಕಾನೂನು
ಪದವೀಧರರಿಗೆ ಶಿಷ್ಯವೇತನಕ್ಕೆ
ಅರ್ಜಿ ಅಹ್ವಾನ.
ಹೊಸಪೇಟೆ ಟೈಮ್ಸ್ ನ್ಯೂಸ್

ವಿಜಯನಗರ(ಹೊಸಪೇಟೆ): 2025–26 ಸಾಲಿಗೆ ಅಲ್ಪಸಂಖ್ಯಾತರ ಸಮುದಾಯಕ್ಕೆ ಸೇರಿದ ಕಾನೂನು ಪದವೀಧರರಿಗೆ ವೃತ್ತಿ ತರಬೇತಿ ಶಿಷ್ಯವೇತನ ಪಡೆಯಲು ಅರ್ಹ ಅಭ್ಯರ್ಥಿಗಳಿಂದ ಅರ್ಜಿ ಆಹ್ವಾನಿಸಲಾಗಿದೆ ಎಂದು ಅಲ್ಪಸಂಖ್ಯಾತರ ಕಲ್ಯಾಣ ಇಲಾಖೆಯ ಜಿಲ್ಲಾ ಅಧಿಕಾರಿ ಗುಡದಪ್ಪ ಜಗಲಿಕೋಟ ತಿಳಿಸಿದ್ದಾರೆ.

ಅಲ್ಪಸಂಖ್ಯಾತ ಸಮುದಾಯಕ್ಕೆ ಸೇರಿದ ಮುಸ್ಲಿಂ, ಕ್ರಿಶ್ಚಿಯನ್, ಜೈನ್, ಬೌದ್ಧ, ಸಿಖ್ ಮತ್ತು ಪಾರ್ಸಿ ಸಮುದಾಯಕ್ಕೆ ಸೇರಿರಬೇಕು. ಕುಟುಂಬದ ವಾರ್ಷಿಕ ಆದಾಯ 3.50 ಲಕ್ಷ ಮೀರಿರಬಾರದು. ಅಭ್ಯರ್ಥಿಯು ಬಾರ್ ಕೌನ್ಸಿಲ್‌ನಲ್ಲಿ ಹೆಸರು ನೊಂದಾಯಿಸಿರಬೇಕು. ಅರ್ಜಿ ಸಲ್ಲಿಸಲು ನಿಗದಿಪಡಿಸಿದ ಕಡೆಯ ದಿನಾಂಕಕ್ಕೆ ಅಭ್ಯರ್ಥಿಯ ವಯಸ್ಸು 30 ವರ್ಷ ಮೀರಿರಬಾರದು.

ಆಸಕ್ತ ಅಭ್ಯರ್ಥಿಗಳು ಜೂನ್ 25 ರೊಳಗಾಗಿ ಅರ್ಜಿ ಸಲ್ಲಿಸಬೇಕು. ಹೆಚ್ಚಿನ ಮಾಹಿತಿಗಾಗಿ ಹೊಸಪೇಟೆಯ ಅಲ್ಪಸಂಖ್ಯಾತರ ಕಲ್ಯಾಣ ಇಲಾಖೆ ಕಚೇರಿಯನ್ನು ಸಂಪರ್ಕಿಸಬಹುದು ಎಂದು ಪ್ರಕಟಣೆಯಲ್ಲಿ ತಿಳಿಸಿದ್ದಾರೆ.
